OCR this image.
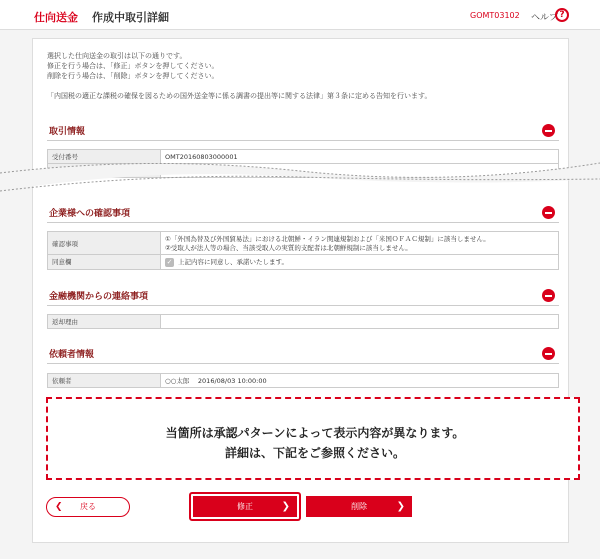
仕向送金 作成中取引詳細	GOMT03102 ヘルプ ?
選択した仕向送金の取引は以下の通りです。
修正を行う場合は、「修正」ボタンを押してください。
削除を行う場合は、「削除」ボタンを押してください。
「内国税の適正な課税の確保を図るための国外送金等に係る調書の提出等に関する法律」第３条に定める告知を行います。
取引情報
受付番号	OMT20160803000001

企業様への確認事項
確認事項	①「外国為替及び外国貿易法」における北朝鮮・イラン関連規制および「米国ＯＦＡＣ規制」に該当しません。
②受取人が法人等の場合、当該受取人の実質的支配者は北朝鮮規制に該当しません。

同意欄	✓ 上記内容に同意し、承諾いたします。
金融機関からの連絡事項
返却理由	
依頼者情報
依頼者	○○太郎　 2016/08/03 10:00:00
当箇所は承認パターンによって表示内容が異なります。
詳細は、下記をご参照ください。
❮ 戻る	修正	❯	削除	❯
